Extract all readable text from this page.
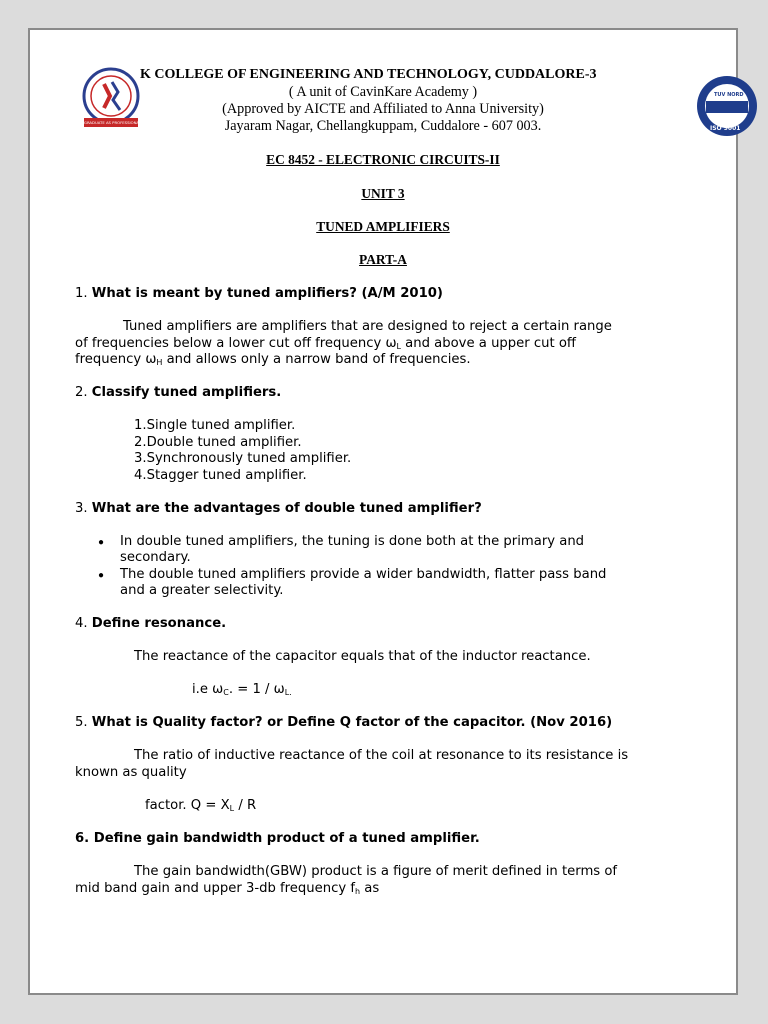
GRADUATE AS PROFESSIONALS
TUV NORD
ISO 9001
K COLLEGE OF ENGINEERING AND TECHNOLOGY, CUDDALORE-3
( A unit of CavinKare Academy )
(Approved by AICTE and Affiliated to Anna University)
Jayaram Nagar, Chellangkuppam, Cuddalore - 607 003.
EC 8452 - ELECTRONIC CIRCUITS-II
UNIT 3
TUNED AMPLIFIERS
PART-A
1. What is meant by tuned amplifiers? (A/M 2010)
Tuned amplifiers are amplifiers that are designed to reject a certain range
of frequencies below a lower cut off frequency $\omega_L$ and above a upper cut off
frequency $\omega_H$ and allows only a narrow band of frequencies.
2. Classify tuned amplifiers.
1.Single tuned amplifier.
2.Double tuned amplifier.
3.Synchronously tuned amplifier.
4.Stagger tuned amplifier.
3. What are the advantages of double tuned amplifier?
● In double tuned amplifiers, the tuning is done both at the primary and
secondary.
● The double tuned amplifiers provide a wider bandwidth, flatter pass band
and a greater selectivity.
4. Define resonance.
The reactance of the capacitor equals that of the inductor reactance.
i.e $\omega_C$. = $1 / \omega_{L.}$
5. What is Quality factor? or Define Q factor of the capacitor. (Nov 2016)
The ratio of inductive reactance of the coil at resonance to its resistance is
known as quality
factor. $Q = X_L / R$
6. Define gain bandwidth product of a tuned amplifier.
The gain bandwidth(GBW) product is a figure of merit defined in terms of
mid band gain and upper 3-db frequency $f_h$ as
